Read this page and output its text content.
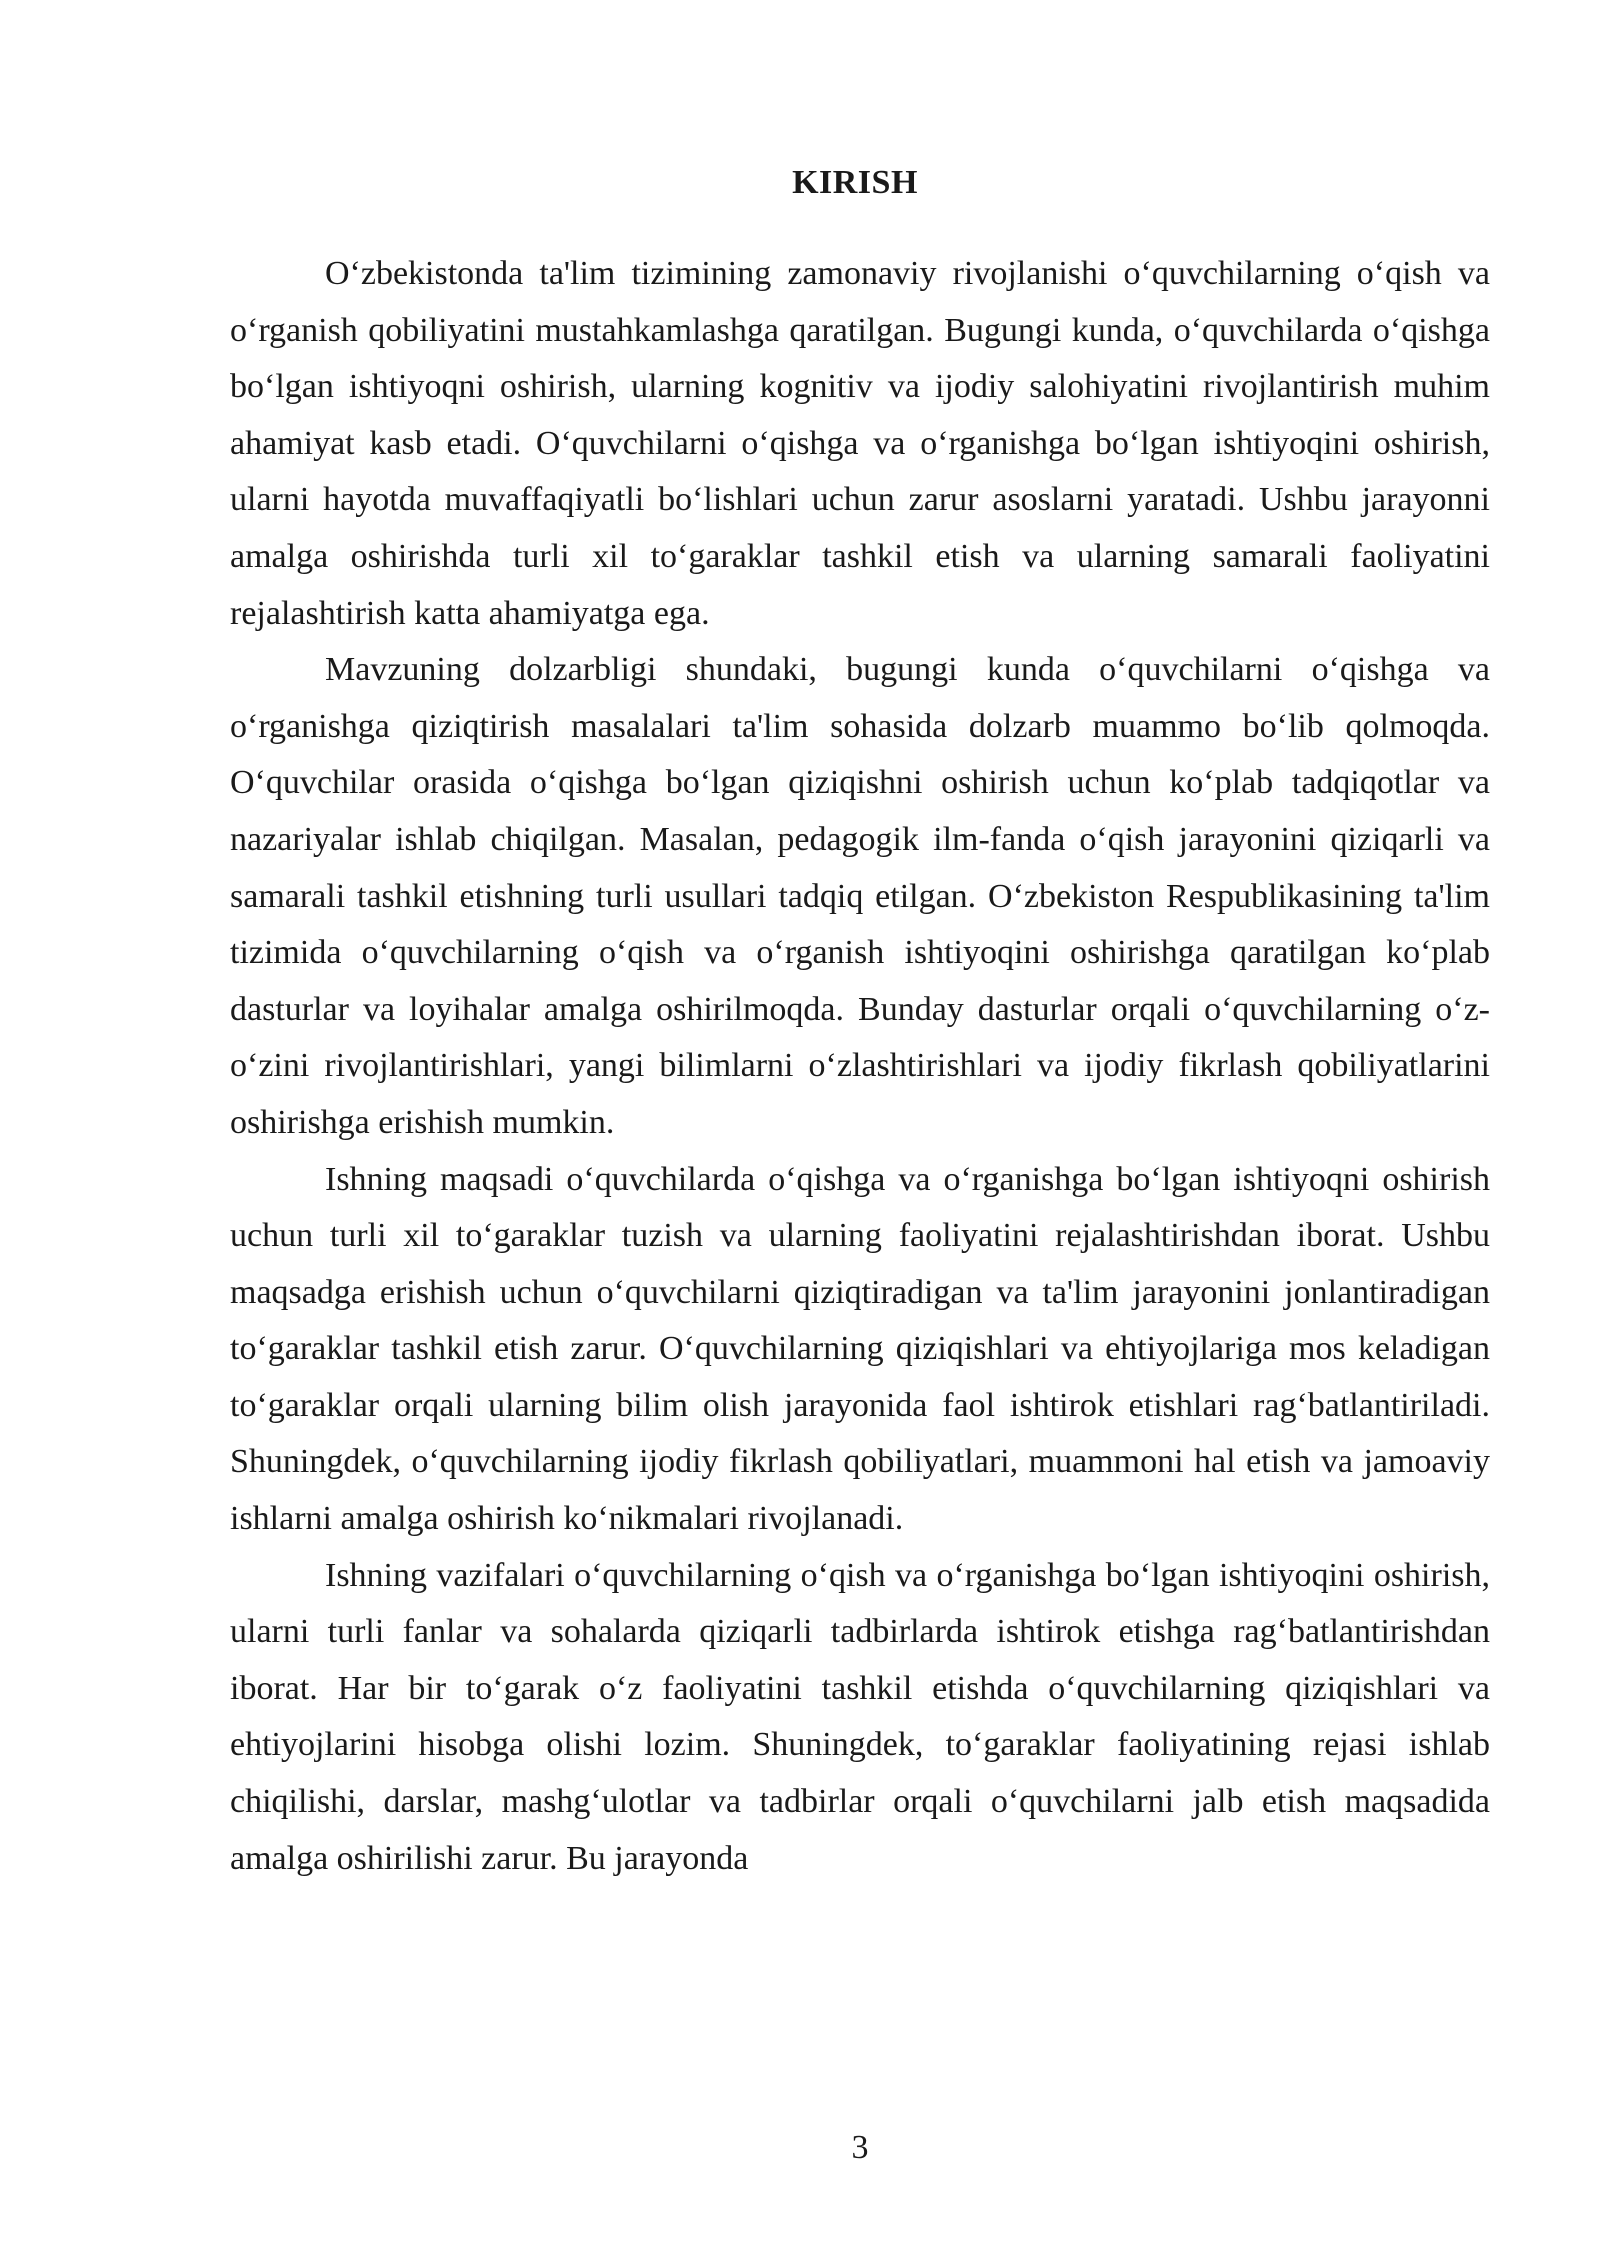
KIRISH

O‘zbekistonda ta'lim tizimining zamonaviy rivojlanishi o‘quvchilarning o‘qish va o‘rganish qobiliyatini mustahkamlashga qaratilgan. Bugungi kunda, o‘quvchilarda o‘qishga bo‘lgan ishtiyoqni oshirish, ularning kognitiv va ijodiy salohiyatini rivojlantirish muhim ahamiyat kasb etadi. O‘quvchilarni o‘qishga va o‘rganishga bo‘lgan ishtiyoqini oshirish, ularni hayotda muvaffaqiyatli bo‘lishlari uchun zarur asoslarni yaratadi. Ushbu jarayonni amalga oshirishda turli xil to‘garaklar tashkil etish va ularning samarali faoliyatini rejalashtirish katta ahamiyatga ega.

Mavzuning dolzarbligi shundaki, bugungi kunda o‘quvchilarni o‘qishga va o‘rganishga qiziqtirish masalalari ta'lim sohasida dolzarb muammo bo‘lib qolmoqda. O‘quvchilar orasida o‘qishga bo‘lgan qiziqishni oshirish uchun ko‘plab tadqiqotlar va nazariyalar ishlab chiqilgan. Masalan, pedagogik ilm-fanda o‘qish jarayonini qiziqarli va samarali tashkil etishning turli usullari tadqiq etilgan. O‘zbekiston Respublikasining ta'lim tizimida o‘quvchilarning o‘qish va o‘rganish ishtiyoqini oshirishga qaratilgan ko‘plab dasturlar va loyihalar amalga oshirilmoqda. Bunday dasturlar orqali o‘quvchilarning o‘z-o‘zini rivojlantirishlari, yangi bilimlarni o‘zlashtirishlari va ijodiy fikrlash qobiliyatlarini oshirishga erishish mumkin.

Ishning maqsadi o‘quvchilarda o‘qishga va o‘rganishga bo‘lgan ishtiyoqni oshirish uchun turli xil to‘garaklar tuzish va ularning faoliyatini rejalashtirishdan iborat. Ushbu maqsadga erishish uchun o‘quvchilarni qiziqtiradigan va ta'lim jarayonini jonlantiradigan to‘garaklar tashkil etish zarur. O‘quvchilarning qiziqishlari va ehtiyojlariga mos keladigan to‘garaklar orqali ularning bilim olish jarayonida faol ishtirok etishlari rag‘batlantiriladi. Shuningdek, o‘quvchilarning ijodiy fikrlash qobiliyatlari, muammoni hal etish va jamoaviy ishlarni amalga oshirish ko‘nikmalari rivojlanadi.

Ishning vazifalari o‘quvchilarning o‘qish va o‘rganishga bo‘lgan ishtiyoqini oshirish, ularni turli fanlar va sohalarda qiziqarli tadbirlarda ishtirok etishga rag‘batlantirishdan iborat. Har bir to‘garak o‘z faoliyatini tashkil etishda o‘quvchilarning qiziqishlari va ehtiyojlarini hisobga olishi lozim. Shuningdek, to‘garaklar faoliyatining rejasi ishlab chiqilishi, darslar, mashg‘ulotlar va tadbirlar orqali o‘quvchilarni jalb etish maqsadida amalga oshirilishi zarur. Bu jarayonda

3
